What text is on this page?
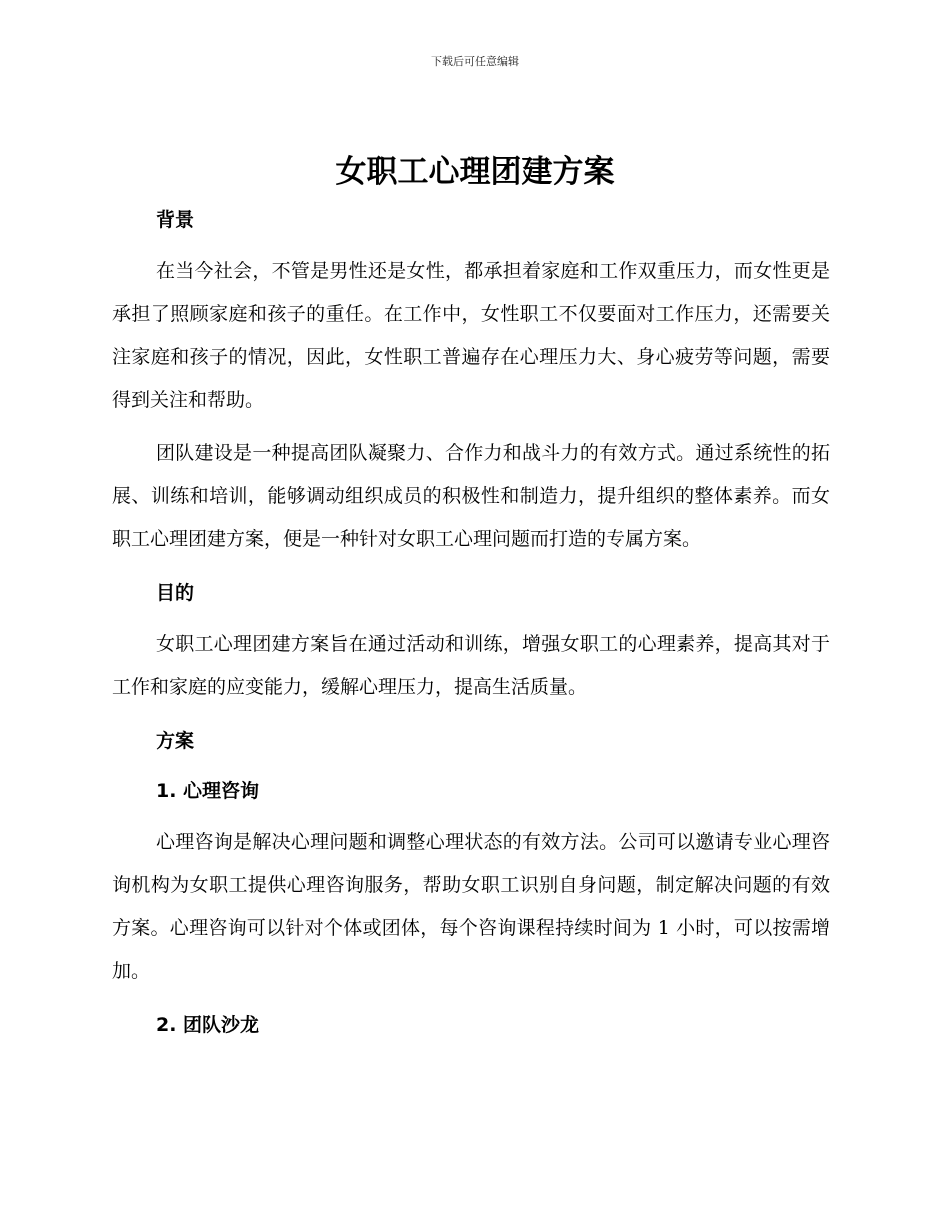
下载后可任意编辑
女职工心理团建方案
背景

在当今社会，不管是男性还是女性，都承担着家庭和工作双重压力，而女性更是承担了照顾家庭和孩子的重任。在工作中，女性职工不仅要面对工作压力，还需要关注家庭和孩子的情况，因此，女性职工普遍存在心理压力大、身心疲劳等问题，需要得到关注和帮助。

团队建设是一种提高团队凝聚力、合作力和战斗力的有效方式。通过系统性的拓展、训练和培训，能够调动组织成员的积极性和制造力，提升组织的整体素养。而女职工心理团建方案，便是一种针对女职工心理问题而打造的专属方案。

目的

女职工心理团建方案旨在通过活动和训练，增强女职工的心理素养，提高其对于工作和家庭的应变能力，缓解心理压力，提高生活质量。

方案
1. 心理咨询

心理咨询是解决心理问题和调整心理状态的有效方法。公司可以邀请专业心理咨询机构为女职工提供心理咨询服务，帮助女职工识别自身问题，制定解决问题的有效方案。心理咨询可以针对个体或团体，每个咨询课程持续时间为 1 小时，可以按需增加。

2. 团队沙龙
